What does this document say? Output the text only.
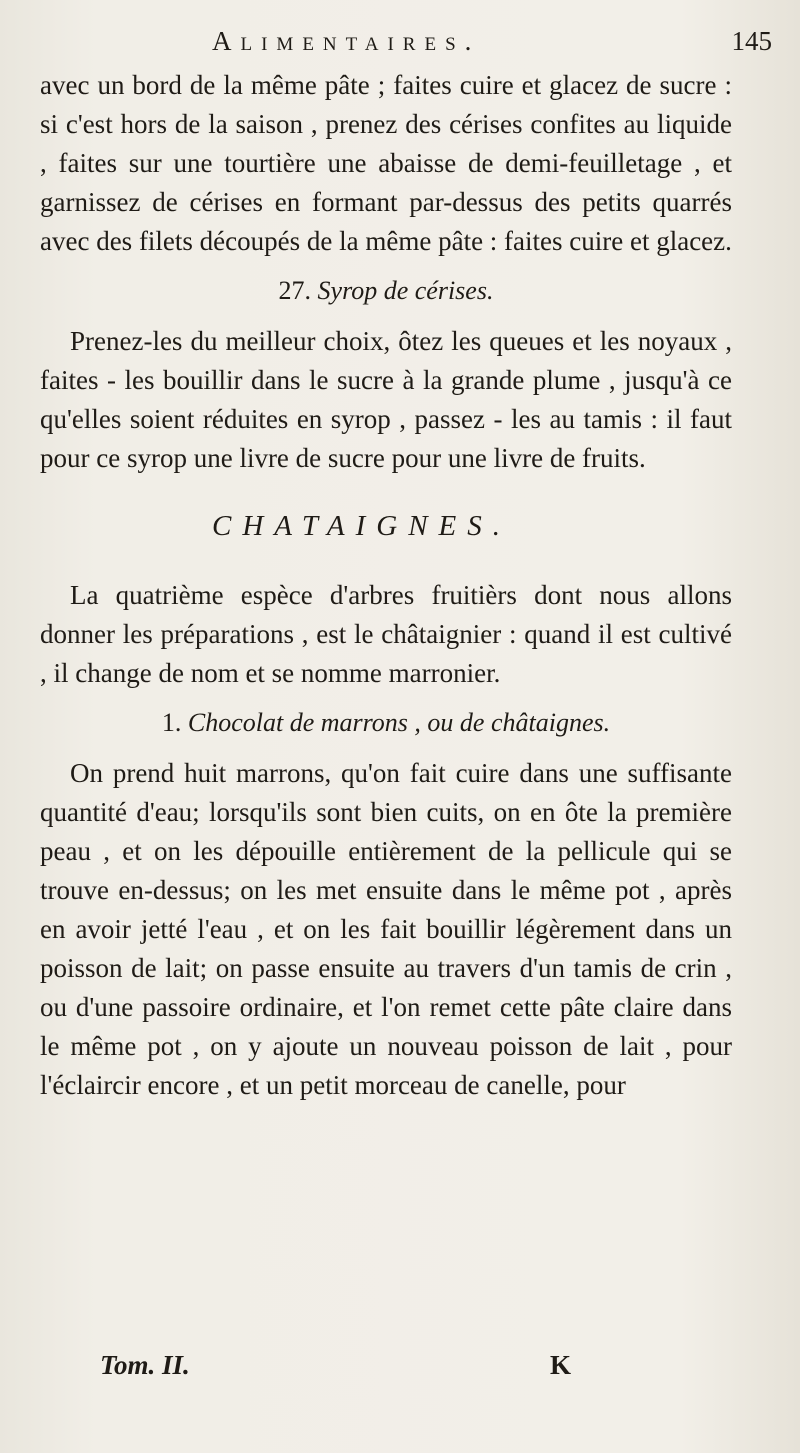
Alimentaires.	145

avec un bord de la même pâte ; faites cuire et glacez de sucre : si c'est hors de la saison , prenez des cérises confites au liquide , faites sur une tourtière une abaisse de demi-feuilletage , et garnissez de cérises en formant par-dessus des petits quarrés avec des filets découpés de la même pâte : faites cuire et glacez.

27. Syrop de cérises.

Prenez-les du meilleur choix, ôtez les queues et les noyaux , faites - les bouillir dans le sucre à la grande plume , jusqu'à ce qu'elles soient réduites en syrop , passez - les au tamis : il faut pour ce syrop une livre de sucre pour une livre de fruits.

CHATAIGNES.

La quatrième espèce d'arbres fruitièrs dont nous allons donner les préparations , est le châtaignier : quand il est cultivé , il change de nom et se nomme marronier.

1. Chocolat de marrons , ou de châtaignes.

On prend huit marrons, qu'on fait cuire dans une suffisante quantité d'eau; lorsqu'ils sont bien cuits, on en ôte la première peau , et on les dépouille entièrement de la pellicule qui se trouve en-dessus; on les met ensuite dans le même pot , après en avoir jetté l'eau , et on les fait bouillir légèrement dans un poisson de lait; on passe ensuite au travers d'un tamis de crin , ou d'une passoire ordinaire, et l'on remet cette pâte claire dans le même pot , on y ajoute un nouveau poisson de lait , pour l'éclaircir encore , et un petit morceau de canelle, pour

Tom. II.	K
